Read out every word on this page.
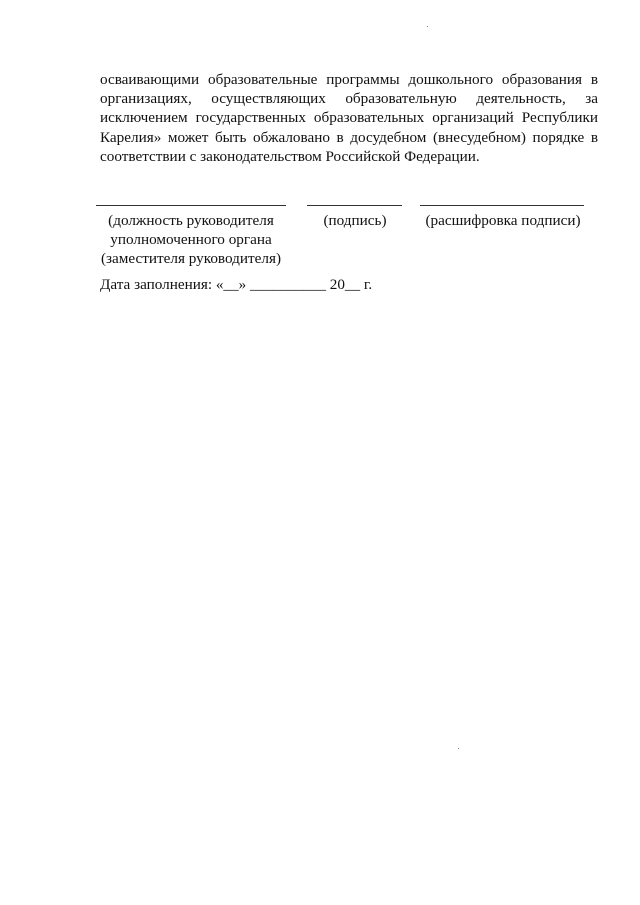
осваивающими образовательные программы дошкольного образования в
организациях, осуществляющих образовательную деятельность, за
исключением государственных образовательных организаций Республики
Карелия» может быть обжаловано в досудебном (внесудебном) порядке в
соответствии с законодательством Российской Федерации.
(должность руководителя
уполномоченного органа
(заместителя руководителя)
(подпись)	(расшифровка подписи)
Дата заполнения: «__» __________ 20__ г.
